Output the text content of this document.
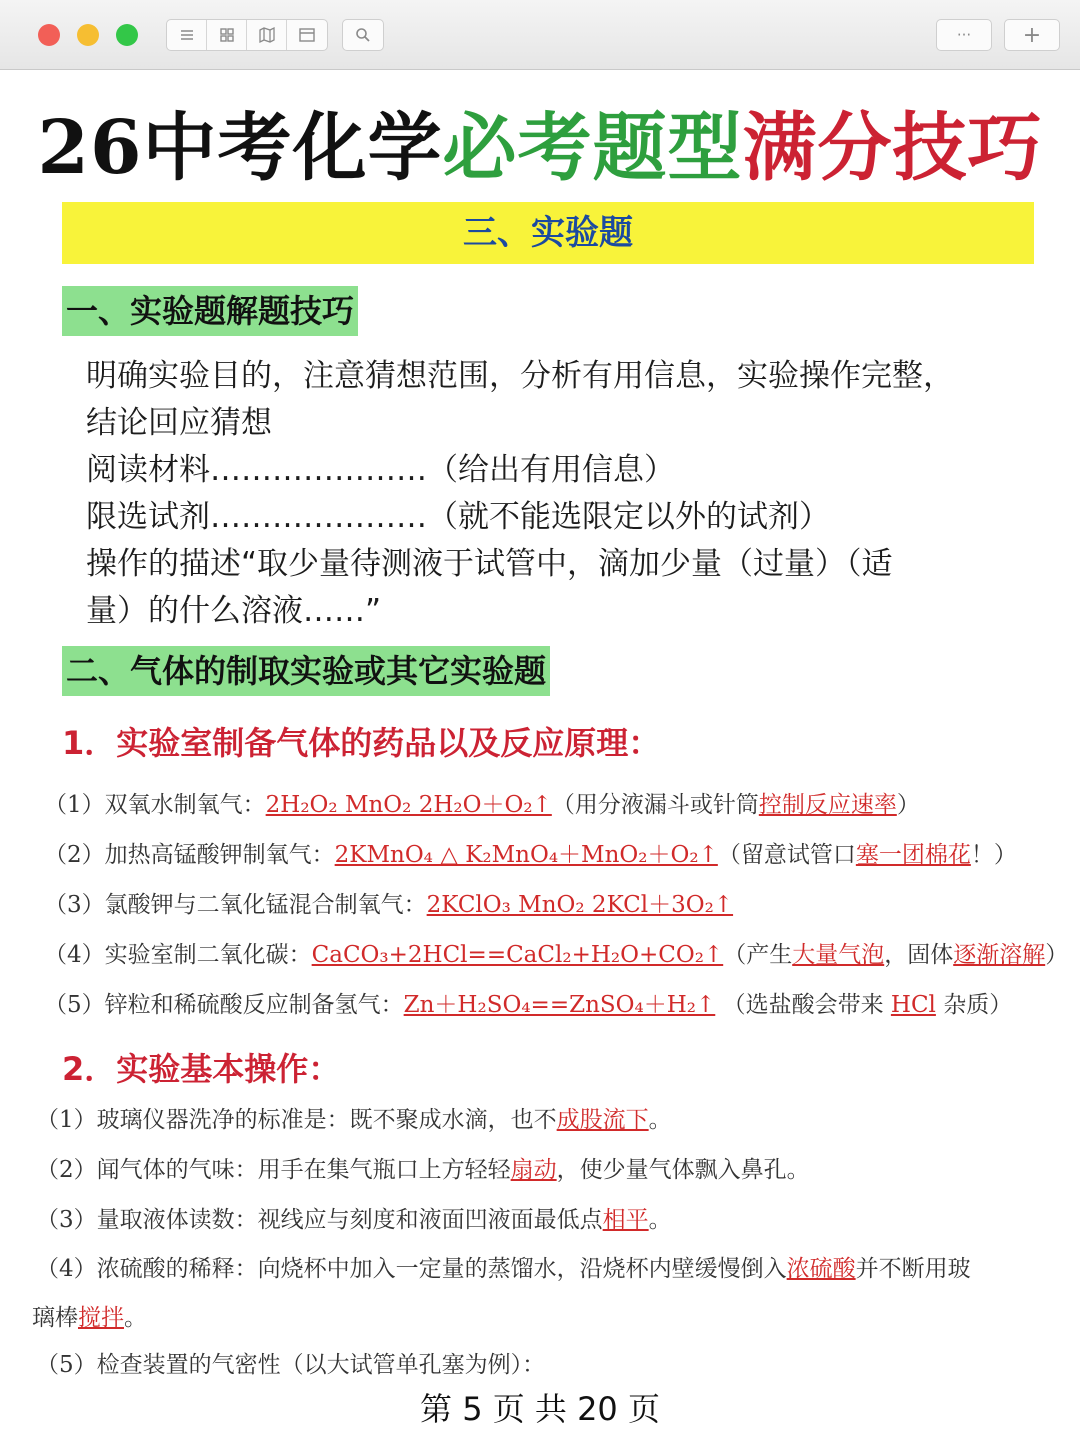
···	+
26中考化学必考题型满分技巧
三、实验题
一、实验题解题技巧
明确实验目的，注意猜想范围，分析有用信息，实验操作完整，
结论回应猜想
阅读材料…………………（给出有用信息）
限选试剂…………………（就不能选限定以外的试剂）
操作的描述“取少量待测液于试管中，滴加少量（过量）（适
量）的什么溶液……”
二、气体的制取实验或其它实验题
1．实验室制备气体的药品以及反应原理：
（1）双氧水制氧气：2H₂O₂ MnO₂ 2H₂O＋O₂↑（用分液漏斗或针筒控制反应速率）
（2）加热高锰酸钾制氧气：2KMnO₄ △ K₂MnO₄＋MnO₂＋O₂↑（留意试管口塞一团棉花！）
（3）氯酸钾与二氧化锰混合制氧气：2KClO₃ MnO₂ 2KCl＋3O₂↑
（4）实验室制二氧化碳：CaCO₃+2HCl==CaCl₂+H₂O+CO₂↑（产生大量气泡，固体逐渐溶解）
（5）锌粒和稀硫酸反应制备氢气：Zn＋H₂SO₄==ZnSO₄＋H₂↑ （选盐酸会带来 HCl 杂质）
2．实验基本操作：
（1）玻璃仪器洗净的标准是：既不聚成水滴，也不成股流下。
（2）闻气体的气味：用手在集气瓶口上方轻轻扇动，使少量气体飘入鼻孔。
（3）量取液体读数：视线应与刻度和液面凹液面最低点相平。
（4）浓硫酸的稀释：向烧杯中加入一定量的蒸馏水，沿烧杯内壁缓慢倒入浓硫酸并不断用玻
璃棒搅拌。
（5）检查装置的气密性（以大试管单孔塞为例）：
第 5 页 共 20 页
